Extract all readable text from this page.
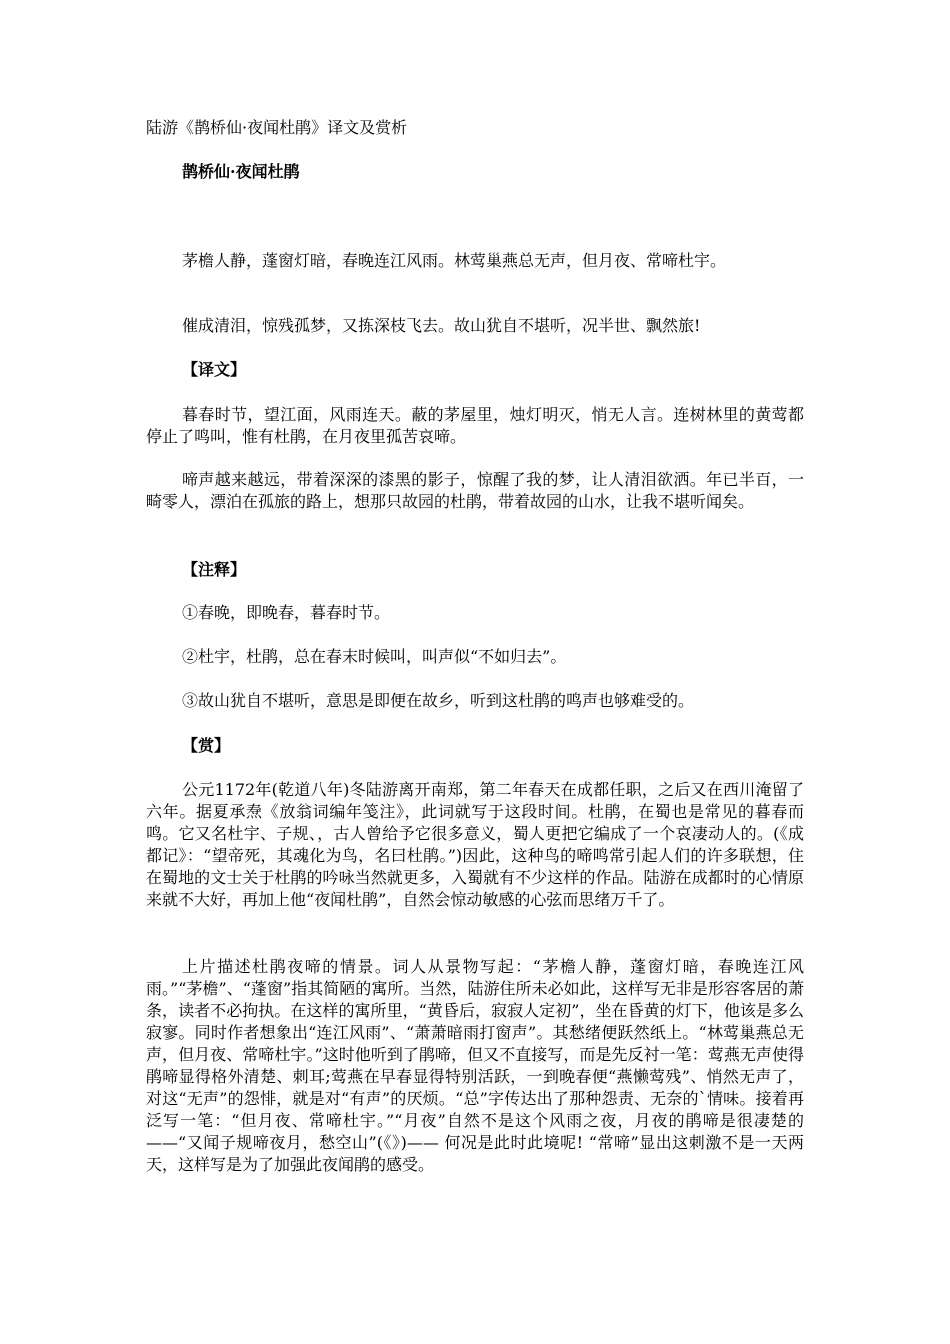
陆游《鹊桥仙·夜闻杜鹃》译文及赏析
鹊桥仙·夜闻杜鹃

茅檐人静，蓬窗灯暗，春晚连江风雨。林莺巢燕总无声，但月夜、常啼杜宇。

催成清泪，惊残孤梦，又拣深枝飞去。故山犹自不堪听，况半世、飘然旅!

【译文】

暮春时节，望江面，风雨连天。蔽的茅屋里，烛灯明灭，悄无人言。连树林里的黄莺都停止了鸣叫，惟有杜鹃，在月夜里孤苦哀啼。

啼声越来越远，带着深深的漆黑的影子，惊醒了我的梦，让人清泪欲洒。年已半百，一畸零人，漂泊在孤旅的路上，想那只故园的杜鹃，带着故园的山水，让我不堪听闻矣。

【注释】

①春晚，即晚春，暮春时节。

②杜宇，杜鹃，总在春末时候叫，叫声似“不如归去”。

③故山犹自不堪听，意思是即便在故乡，听到这杜鹃的鸣声也够难受的。

【赏】

公元1172年(乾道八年)冬陆游离开南郑，第二年春天在成都任职，之后又在西川淹留了六年。据夏承焘《放翁词编年笺注》，此词就写于这段时间。杜鹃，在蜀也是常见的暮春而鸣。它又名杜宇、子规、，古人曾给予它很多意义，蜀人更把它编成了一个哀凄动人的。(《成都记》：“望帝死，其魂化为鸟，名曰杜鹃。”)因此，这种鸟的啼鸣常引起人们的许多联想，住在蜀地的文士关于杜鹃的吟咏当然就更多，入蜀就有不少这样的作品。陆游在成都时的心情原来就不大好，再加上他“夜闻杜鹃”，自然会惊动敏感的心弦而思绪万千了。

上片描述杜鹃夜啼的情景。词人从景物写起：“茅檐人静，蓬窗灯暗，春晚连江风雨。”“茅檐”、“蓬窗”指其简陋的寓所。当然，陆游住所未必如此，这样写无非是形容客居的萧条，读者不必拘执。在这样的寓所里，“黄昏后，寂寂人定初”，坐在昏黄的灯下，他该是多么寂寥。同时作者想象出“连江风雨”、“萧萧暗雨打窗声”。其愁绪便跃然纸上。“林莺巢燕总无声，但月夜、常啼杜宇。”这时他听到了鹃啼，但又不直接写，而是先反衬一笔：莺燕无声使得鹃啼显得格外清楚、刺耳;莺燕在早春显得特别活跃，一到晚春便“燕懒莺残”、悄然无声了，对这“无声”的怨悱，就是对“有声”的厌烦。“总”字传达出了那种怨责、无奈的`情味。接着再泛写一笔：“但月夜、常啼杜宇。”“月夜”自然不是这个风雨之夜，月夜的鹃啼是很凄楚的——“又闻子规啼夜月，愁空山”(《》)—— 何况是此时此境呢! “常啼”显出这刺激不是一天两天，这样写是为了加强此夜闻鹃的感受。
